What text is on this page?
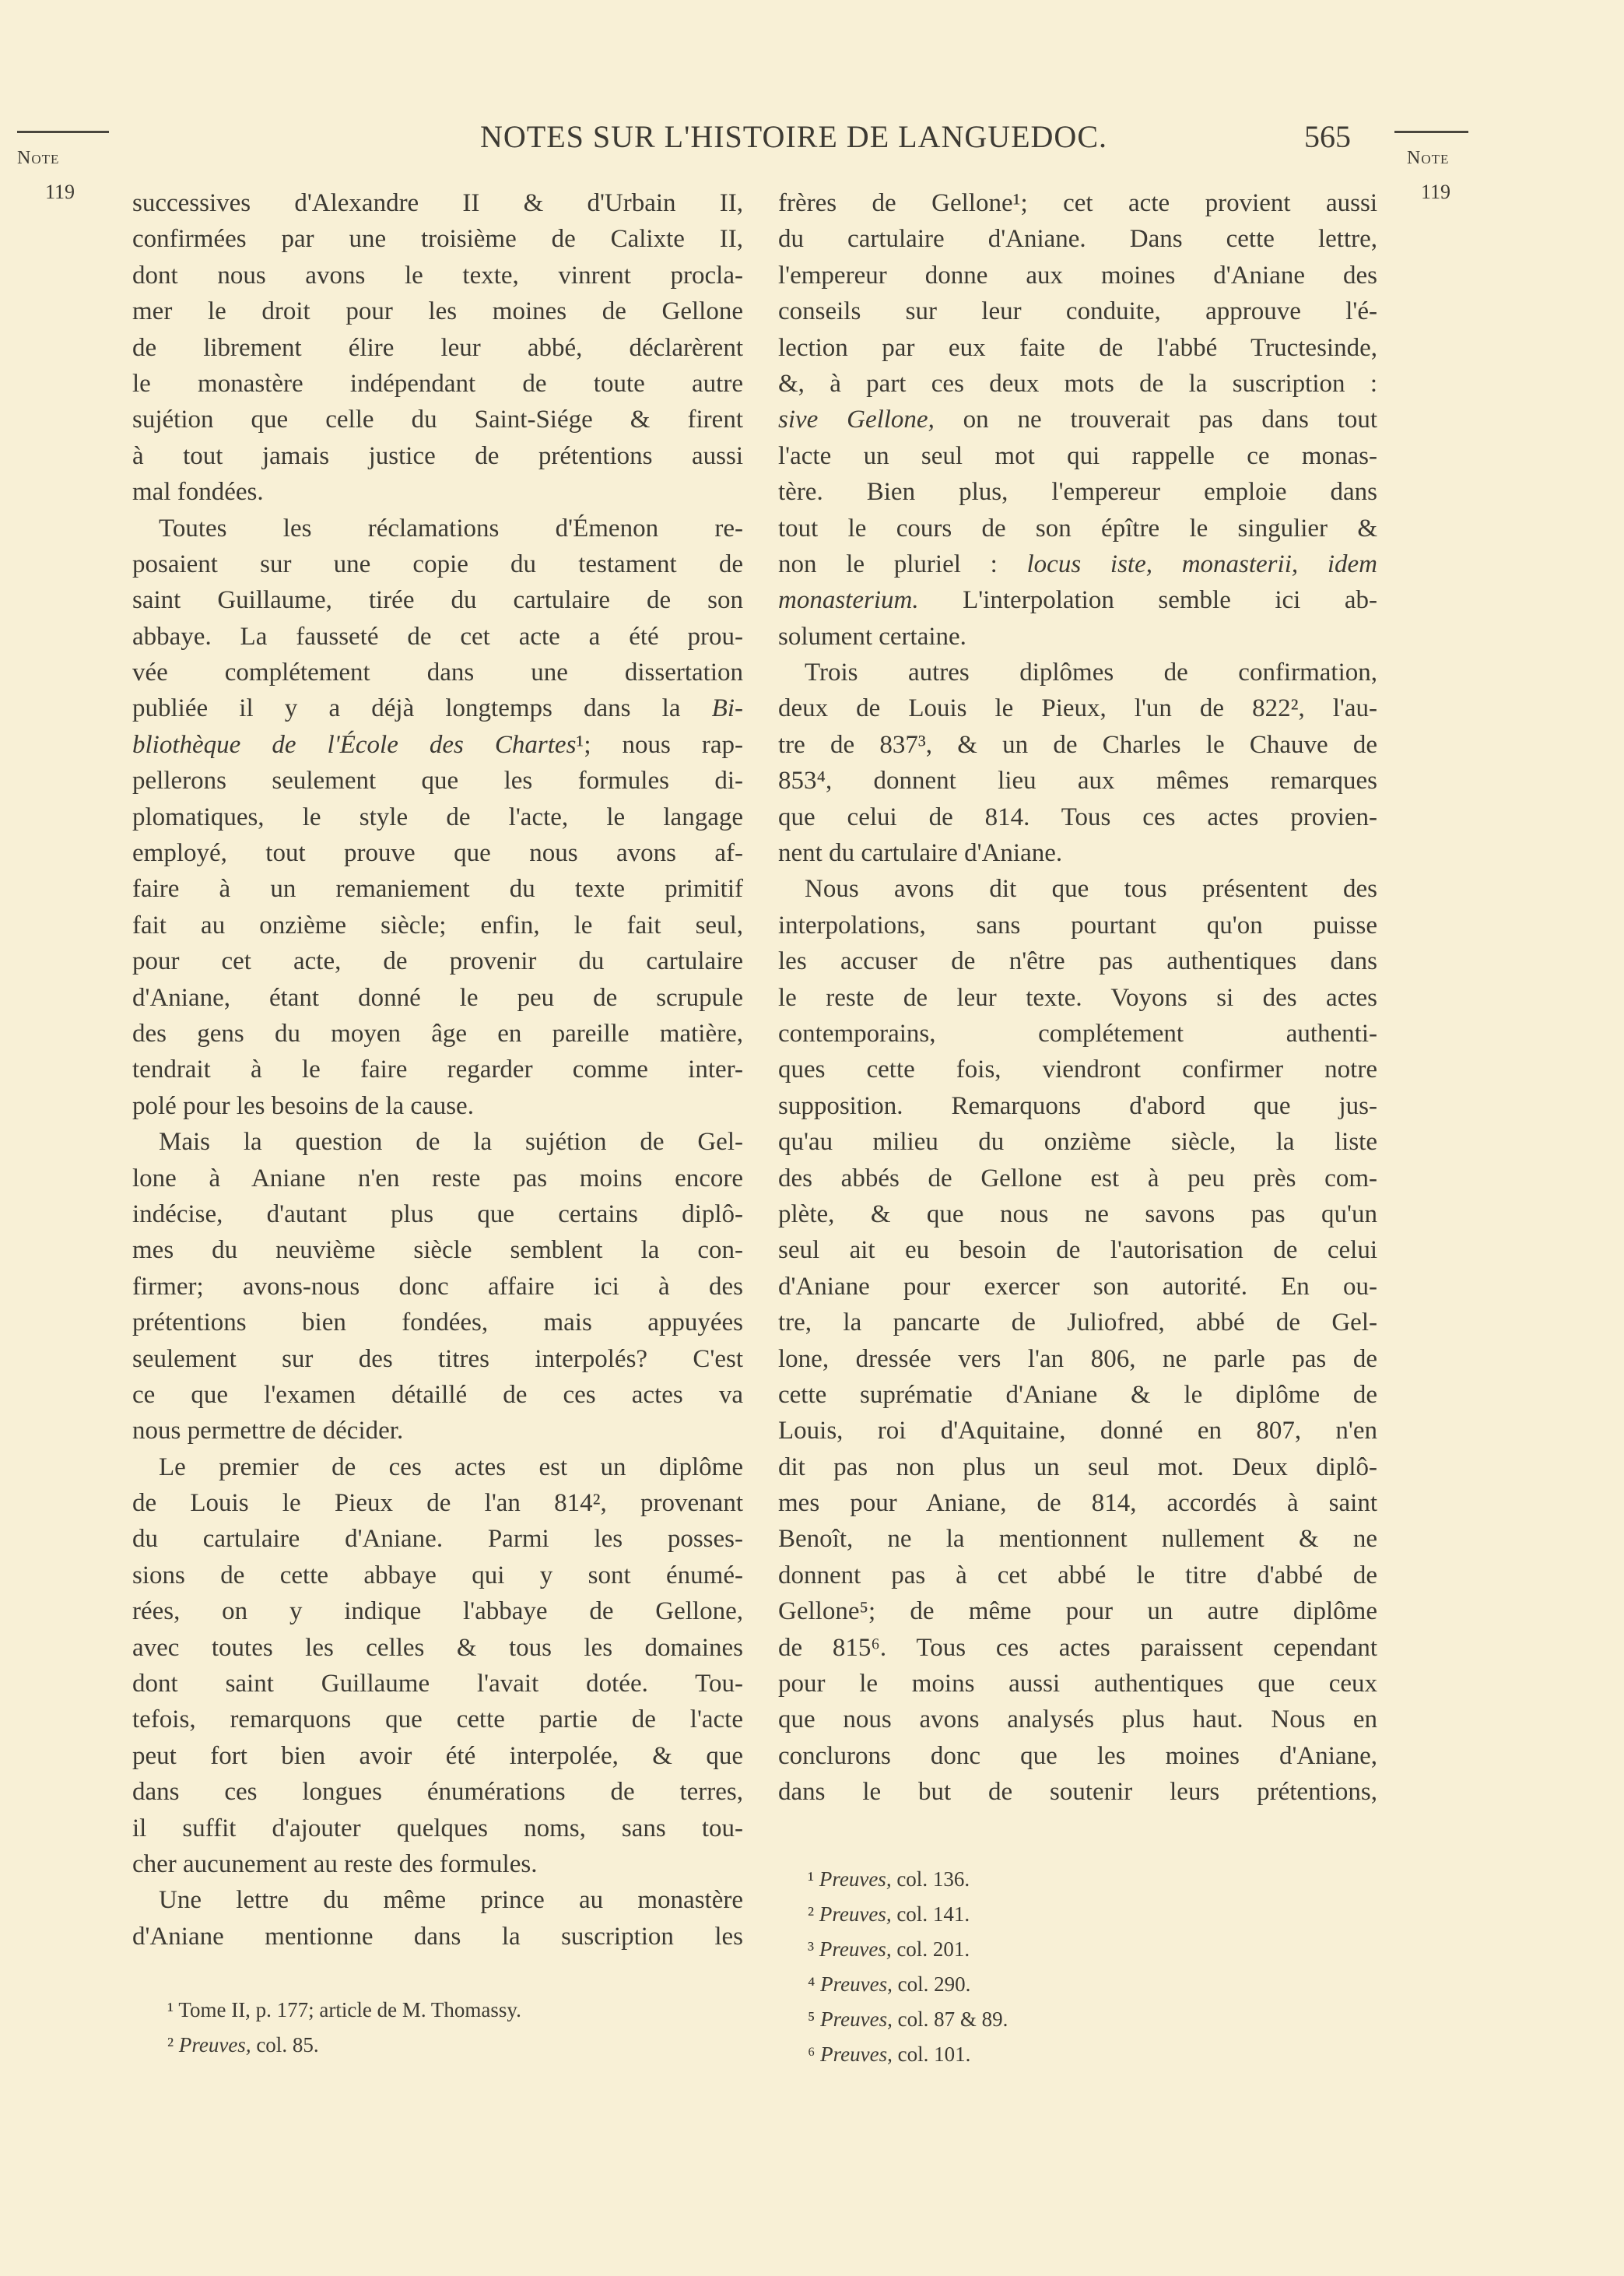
NOTES SUR L'HISTOIRE DE LANGUEDOC.	565
Note
119
Note
119
successives d'Alexandre II & d'Urbain II,
confirmées par une troisième de Calixte II,
dont nous avons le texte, vinrent procla-
mer le droit pour les moines de Gellone
de librement élire leur abbé, déclarèrent
le monastère indépendant de toute autre
sujétion que celle du Saint-Siége & firent
à tout jamais justice de prétentions aussi
mal fondées.
Toutes les réclamations d'Émenon re-
posaient sur une copie du testament de
saint Guillaume, tirée du cartulaire de son
abbaye. La fausseté de cet acte a été prou-
vée complétement dans une dissertation
publiée il y a déjà longtemps dans la Bi-
bliothèque de l'École des Chartes¹; nous rap-
pellerons seulement que les formules di-
plomatiques, le style de l'acte, le langage
employé, tout prouve que nous avons af-
faire à un remaniement du texte primitif
fait au onzième siècle; enfin, le fait seul,
pour cet acte, de provenir du cartulaire
d'Aniane, étant donné le peu de scrupule
des gens du moyen âge en pareille matière,
tendrait à le faire regarder comme inter-
polé pour les besoins de la cause.
Mais la question de la sujétion de Gel-
lone à Aniane n'en reste pas moins encore
indécise, d'autant plus que certains diplô-
mes du neuvième siècle semblent la con-
firmer; avons-nous donc affaire ici à des
prétentions bien fondées, mais appuyées
seulement sur des titres interpolés? C'est
ce que l'examen détaillé de ces actes va
nous permettre de décider.
Le premier de ces actes est un diplôme
de Louis le Pieux de l'an 814², provenant
du cartulaire d'Aniane. Parmi les posses-
sions de cette abbaye qui y sont énumé-
rées, on y indique l'abbaye de Gellone,
avec toutes les celles & tous les domaines
dont saint Guillaume l'avait dotée. Tou-
tefois, remarquons que cette partie de l'acte
peut fort bien avoir été interpolée, & que
dans ces longues énumérations de terres,
il suffit d'ajouter quelques noms, sans tou-
cher aucunement au reste des formules.
Une lettre du même prince au monastère
d'Aniane mentionne dans la suscription les
frères de Gellone¹; cet acte provient aussi
du cartulaire d'Aniane. Dans cette lettre,
l'empereur donne aux moines d'Aniane des
conseils sur leur conduite, approuve l'é-
lection par eux faite de l'abbé Tructesinde,
&, à part ces deux mots de la suscription :
sive Gellone, on ne trouverait pas dans tout
l'acte un seul mot qui rappelle ce monas-
tère. Bien plus, l'empereur emploie dans
tout le cours de son épître le singulier &
non le pluriel : locus iste, monasterii, idem
monasterium. L'interpolation semble ici ab-
solument certaine.
Trois autres diplômes de confirmation,
deux de Louis le Pieux, l'un de 822², l'au-
tre de 837³, & un de Charles le Chauve de
853⁴, donnent lieu aux mêmes remarques
que celui de 814. Tous ces actes provien-
nent du cartulaire d'Aniane.
Nous avons dit que tous présentent des
interpolations, sans pourtant qu'on puisse
les accuser de n'être pas authentiques dans
le reste de leur texte. Voyons si des actes
contemporains, complétement authenti-
ques cette fois, viendront confirmer notre
supposition. Remarquons d'abord que jus-
qu'au milieu du onzième siècle, la liste
des abbés de Gellone est à peu près com-
plète, & que nous ne savons pas qu'un
seul ait eu besoin de l'autorisation de celui
d'Aniane pour exercer son autorité. En ou-
tre, la pancarte de Juliofred, abbé de Gel-
lone, dressée vers l'an 806, ne parle pas de
cette suprématie d'Aniane & le diplôme de
Louis, roi d'Aquitaine, donné en 807, n'en
dit pas non plus un seul mot. Deux diplô-
mes pour Aniane, de 814, accordés à saint
Benoît, ne la mentionnent nullement & ne
donnent pas à cet abbé le titre d'abbé de
Gellone⁵; de même pour un autre diplôme
de 815⁶. Tous ces actes paraissent cependant
pour le moins aussi authentiques que ceux
que nous avons analysés plus haut. Nous en
conclurons donc que les moines d'Aniane,
dans le but de soutenir leurs prétentions,
¹ Tome II, p. 177; article de M. Thomassy.
² Preuves, col. 85.
¹ Preuves, col. 136.
² Preuves, col. 141.
³ Preuves, col. 201.
⁴ Preuves, col. 290.
⁵ Preuves, col. 87 & 89.
⁶ Preuves, col. 101.
